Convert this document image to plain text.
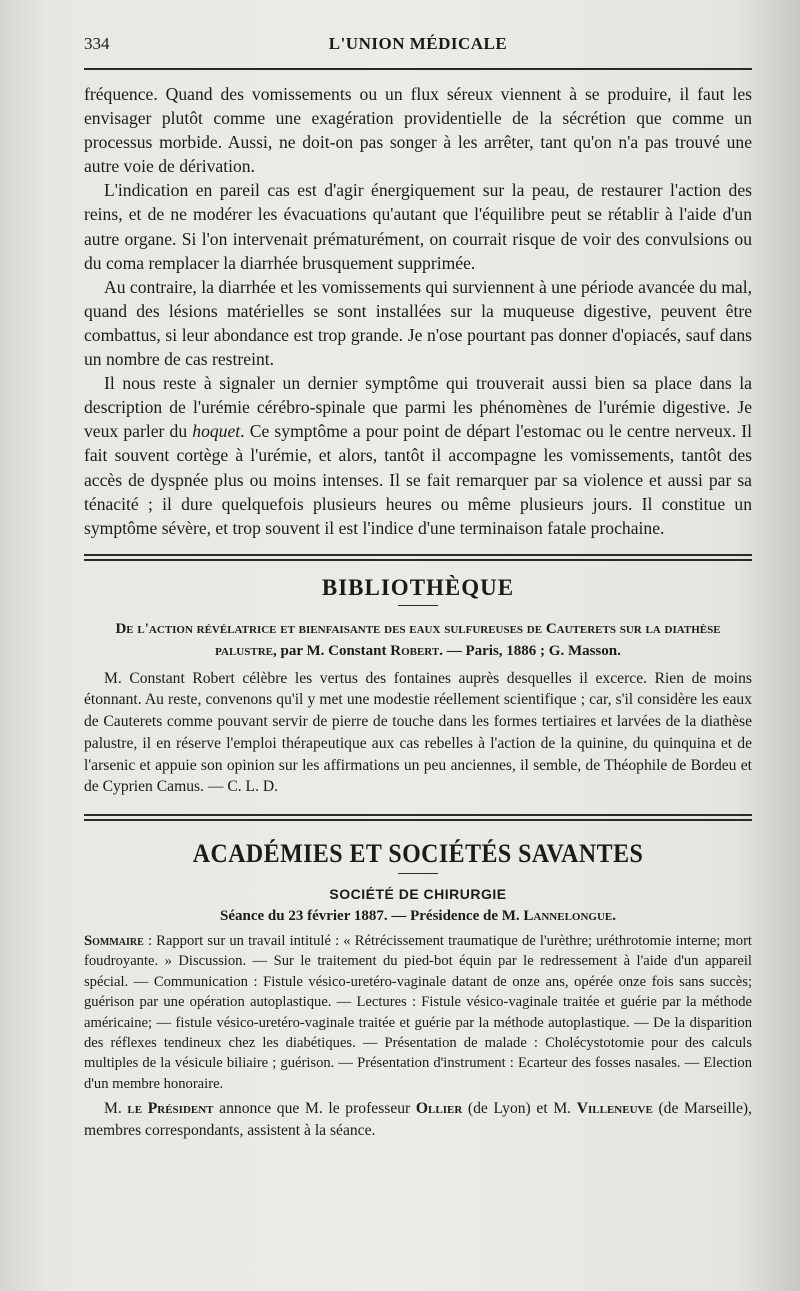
334	L'UNION MÉDICALE

fréquence. Quand des vomissements ou un flux séreux viennent à se produire, il faut les envisager plutôt comme une exagération providentielle de la sécrétion que comme un processus morbide. Aussi, ne doit-on pas songer à les arrêter, tant qu'on n'a pas trouvé une autre voie de dérivation.

L'indication en pareil cas est d'agir énergiquement sur la peau, de restaurer l'action des reins, et de ne modérer les évacuations qu'autant que l'équilibre peut se rétablir à l'aide d'un autre organe. Si l'on intervenait prématurément, on courrait risque de voir des convulsions ou du coma remplacer la diarrhée brusquement supprimée.

Au contraire, la diarrhée et les vomissements qui surviennent à une période avancée du mal, quand des lésions matérielles se sont installées sur la muqueuse digestive, peuvent être combattus, si leur abondance est trop grande. Je n'ose pourtant pas donner d'opiacés, sauf dans un nombre de cas restreint.

Il nous reste à signaler un dernier symptôme qui trouverait aussi bien sa place dans la description de l'urémie cérébro-spinale que parmi les phénomènes de l'urémie digestive. Je veux parler du hoquet. Ce symptôme a pour point de départ l'estomac ou le centre nerveux. Il fait souvent cortège à l'urémie, et alors, tantôt il accompagne les vomissements, tantôt des accès de dyspnée plus ou moins intenses. Il se fait remarquer par sa violence et aussi par sa ténacité ; il dure quelquefois plusieurs heures ou même plusieurs jours. Il constitue un symptôme sévère, et trop souvent il est l'indice d'une terminaison fatale prochaine.

BIBLIOTHÈQUE
De l'action révélatrice et bienfaisante des eaux sulfureuses de Cauterets sur la diathèse palustre, par M. Constant Robert. — Paris, 1886 ; G. Masson.

M. Constant Robert célèbre les vertus des fontaines auprès desquelles il excerce. Rien de moins étonnant. Au reste, convenons qu'il y met une modestie réellement scientifique ; car, s'il considère les eaux de Cauterets comme pouvant servir de pierre de touche dans les formes tertiaires et larvées de la diathèse palustre, il en réserve l'emploi thérapeutique aux cas rebelles à l'action de la quinine, du quinquina et de l'arsenic et appuie son opinion sur les affirmations un peu anciennes, il semble, de Théophile de Bordeu et de Cyprien Camus. — C. L. D.

ACADÉMIES ET SOCIÉTÉS SAVANTES
SOCIÉTÉ DE CHIRURGIE
Séance du 23 février 1887. — Présidence de M. Lannelongue.

Sommaire : Rapport sur un travail intitulé : « Rétrécissement traumatique de l'urèthre; uréthrotomie interne; mort foudroyante. » Discussion. — Sur le traitement du pied-bot équin par le redressement à l'aide d'un appareil spécial. — Communication : Fistule vésico-uretéro-vaginale datant de onze ans, opérée onze fois sans succès; guérison par une opération autoplastique. — Lectures : Fistule vésico-vaginale traitée et guérie par la méthode américaine; — fistule vésico-uretéro-vaginale traitée et guérie par la méthode autoplastique. — De la disparition des réflexes tendineux chez les diabétiques. — Présentation de malade : Cholécystotomie pour des calculs multiples de la vésicule biliaire ; guérison. — Présentation d'instrument : Ecarteur des fosses nasales. — Election d'un membre honoraire.

M. le Président annonce que M. le professeur Ollier (de Lyon) et M. Villeneuve (de Marseille), membres correspondants, assistent à la séance.
